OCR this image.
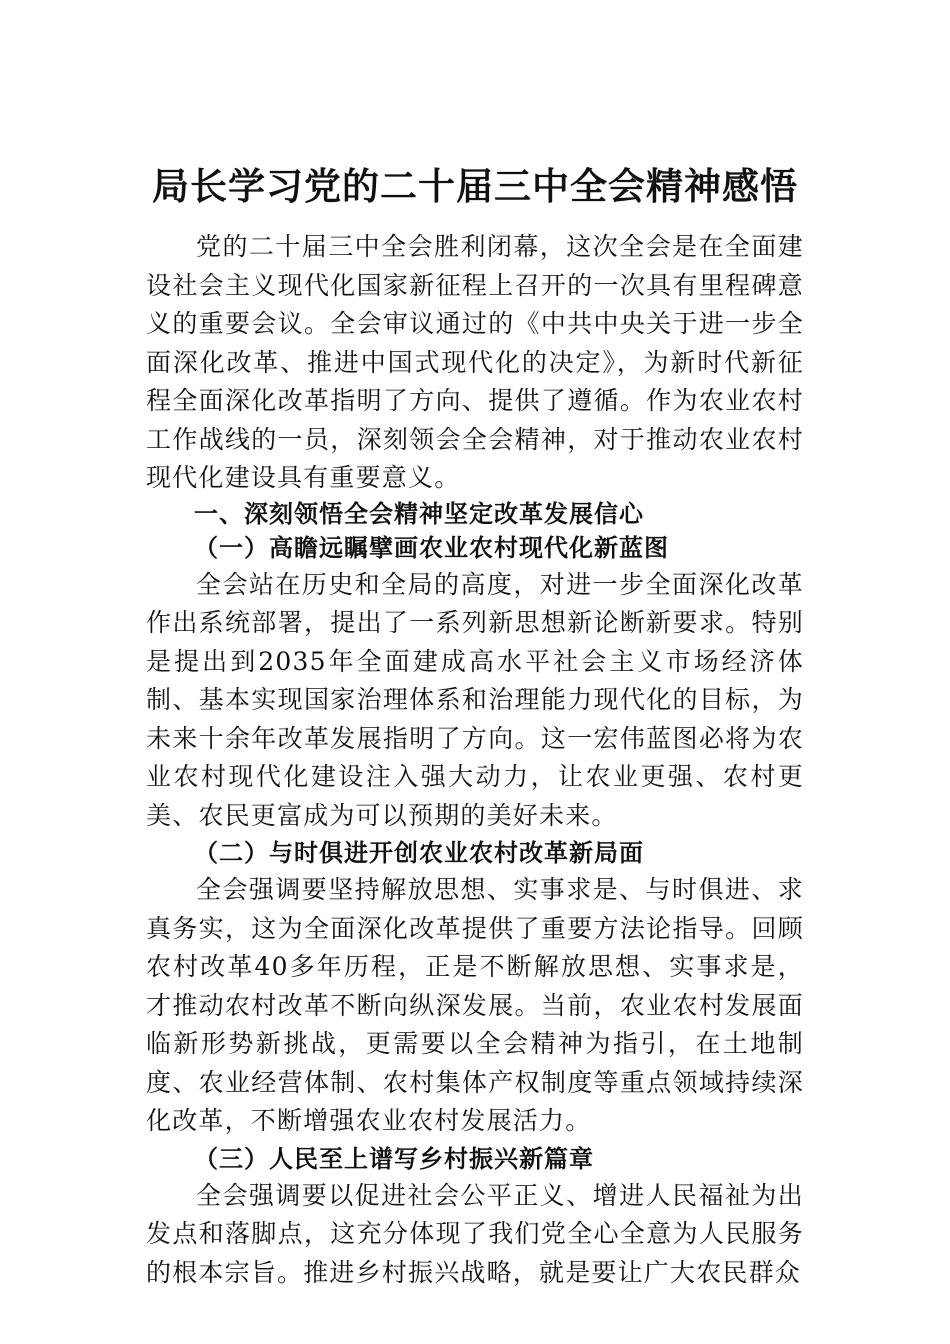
局长学习党的二十届三中全会精神感悟

党的二十届三中全会胜利闭幕，这次全会是在全面建设社会主义现代化国家新征程上召开的一次具有里程碑意义的重要会议。全会审议通过的《中共中央关于进一步全面深化改革、推进中国式现代化的决定》，为新时代新征程全面深化改革指明了方向、提供了遵循。作为农业农村工作战线的一员，深刻领会全会精神，对于推动农业农村现代化建设具有重要意义。

一、深刻领悟全会精神坚定改革发展信心
（一）高瞻远瞩擘画农业农村现代化新蓝图

全会站在历史和全局的高度，对进一步全面深化改革作出系统部署，提出了一系列新思想新论断新要求。特别是提出到2035年全面建成高水平社会主义市场经济体制、基本实现国家治理体系和治理能力现代化的目标，为未来十余年改革发展指明了方向。这一宏伟蓝图必将为农业农村现代化建设注入强大动力，让农业更强、农村更美、农民更富成为可以预期的美好未来。

（二）与时俱进开创农业农村改革新局面

全会强调要坚持解放思想、实事求是、与时俱进、求真务实，这为全面深化改革提供了重要方法论指导。回顾农村改革40多年历程，正是不断解放思想、实事求是，才推动农村改革不断向纵深发展。当前，农业农村发展面临新形势新挑战，更需要以全会精神为指引，在土地制度、农业经营体制、农村集体产权制度等重点领域持续深化改革，不断增强农业农村发展活力。

（三）人民至上谱写乡村振兴新篇章

全会强调要以促进社会公平正义、增进人民福祉为出发点和落脚点，这充分体现了我们党全心全意为人民服务的根本宗旨。推进乡村振兴战略，就是要让广大农民群众
